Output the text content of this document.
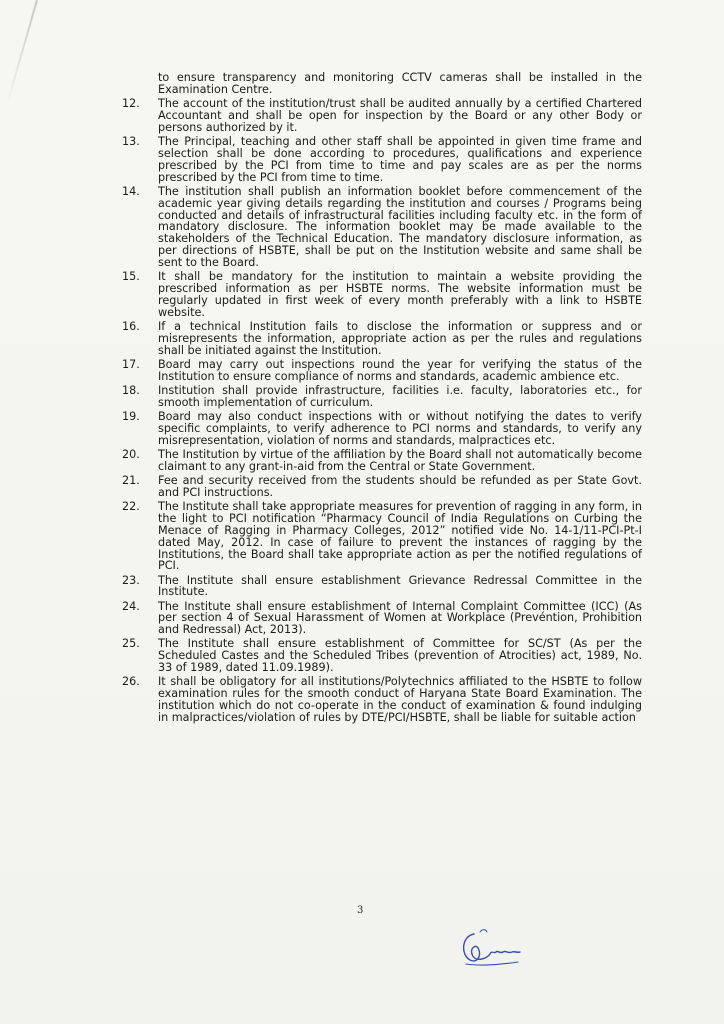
to ensure transparency and monitoring CCTV cameras shall be installed in the Examination Centre.
12.	The account of the institution/trust shall be audited annually by a certified Chartered Accountant and shall be open for inspection by the Board or any other Body or persons authorized by it.
13.	The Principal, teaching and other staff shall be appointed in given time frame and selection shall be done according to procedures, qualifications and experience prescribed by the PCI from time to time and pay scales are as per the norms prescribed by the PCI from time to time.
14.	The institution shall publish an information booklet before commencement of the academic year giving details regarding the institution and courses / Programs being conducted and details of infrastructural facilities including faculty etc. in the form of mandatory disclosure. The information booklet may be made available to the stakeholders of the Technical Education. The mandatory disclosure information, as per directions of HSBTE, shall be put on the Institution website and same shall be sent to the Board.
15.	It shall be mandatory for the institution to maintain a website providing the prescribed information as per HSBTE norms. The website information must be regularly updated in first week of every month preferably with a link to HSBTE website.
16.	If a technical Institution fails to disclose the information or suppress and or misrepresents the information, appropriate action as per the rules and regulations shall be initiated against the Institution.
17.	Board may carry out inspections round the year for verifying the status of the Institution to ensure compliance of norms and standards, academic ambience etc.
18.	Institution shall provide infrastructure, facilities i.e. faculty, laboratories etc., for smooth implementation of curriculum.
19.	Board may also conduct inspections with or without notifying the dates to verify specific complaints, to verify adherence to PCI norms and standards, to verify any misrepresentation, violation of norms and standards, malpractices etc.
20.	The Institution by virtue of the affiliation by the Board shall not automatically become claimant to any grant-in-aid from the Central or State Government.
21.	Fee and security received from the students should be refunded as per State Govt. and PCI instructions.
22.	The Institute shall take appropriate measures for prevention of ragging in any form, in the light to PCI notification “Pharmacy Council of India Regulations on Curbing the Menace of Ragging in Pharmacy Colleges, 2012” notified vide No. 14-1/11-PCI-Pt-I dated May, 2012. In case of failure to prevent the instances of ragging by the Institutions, the Board shall take appropriate action as per the notified regulations of PCI.
23.	The Institute shall ensure establishment Grievance Redressal Committee in the Institute.
24.	The Institute shall ensure establishment of Internal Complaint Committee (ICC) (As per section 4 of Sexual Harassment of Women at Workplace (Prevéntion, Prohibition and Redressal) Act, 2013).
25.	The Institute shall ensure establishment of Committee for SC/ST (As per the Scheduled Castes and the Scheduled Tribes (prevention of Atrocities) act, 1989, No. 33 of 1989, dated 11.09.1989).
26.	It shall be obligatory for all institutions/Polytechnics affiliated to the HSBTE to follow examination rules for the smooth conduct of Haryana State Board Examination. The institution which do not co-operate in the conduct of examination & found indulging in malpractices/violation of rules by DTE/PCI/HSBTE, shall be liable for suitable action
3
